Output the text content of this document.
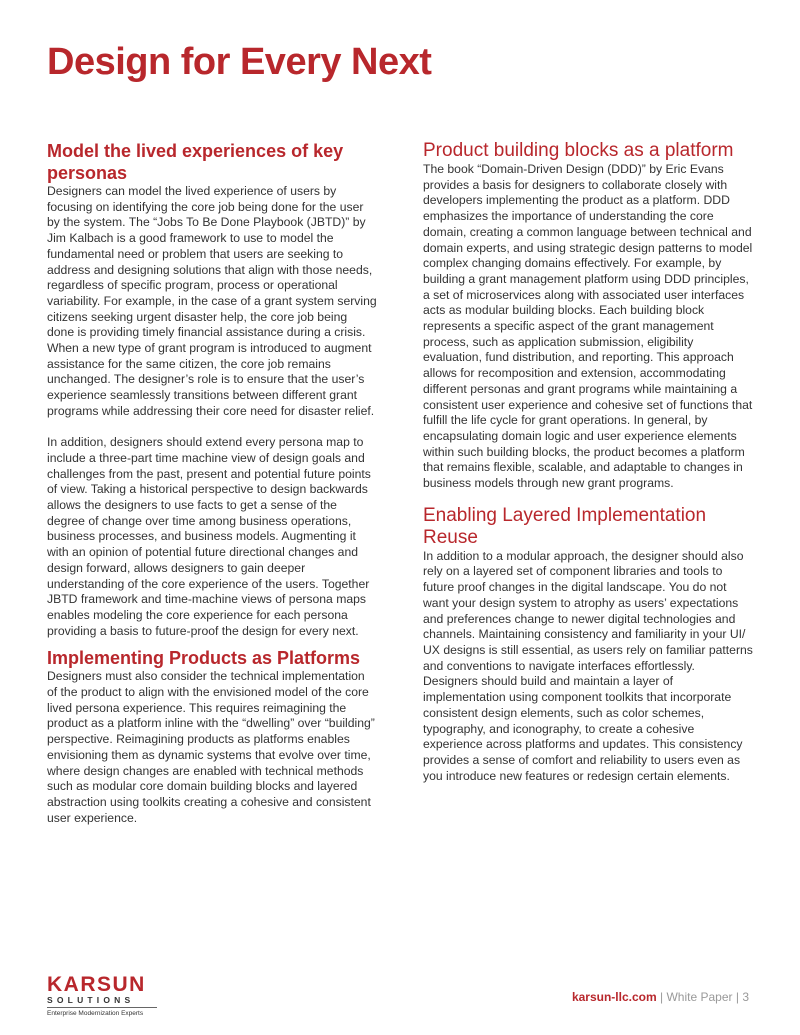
Design for Every Next
Model the lived experiences of key personas

Designers can model the lived experience of users by focusing on identifying the core job being done for the user by the system. The “Jobs To Be Done Playbook (JBTD)” by Jim Kalbach is a good framework to use to model the fundamental need or problem that users are seeking to address and designing solutions that align with those needs, regardless of specific program, process or operational variability. For example, in the case of a grant system serving citizens seeking urgent disaster help, the core job being done is providing timely financial assistance during a crisis. When a new type of grant program is introduced to augment assistance for the same citizen, the core job remains unchanged. The designer’s role is to ensure that the user’s experience seamlessly transitions between different grant programs while addressing their core need for disaster relief.

In addition, designers should extend every persona map to include a three-part time machine view of design goals and challenges from the past, present and potential future points of view. Taking a historical perspective to design backwards allows the designers to use facts to get a sense of the degree of change over time among business operations, business processes, and business models. Augmenting it with an opinion of potential future directional changes and design forward, allows designers to gain deeper understanding of the core experience of the users. Together JBTD framework and time-machine views of persona maps enables modeling the core experience for each persona providing a basis to future-proof the design for every next.

Implementing Products as Platforms

Designers must also consider the technical implementation of the product to align with the envisioned model of the core lived persona experience. This requires reimagining the product as a platform inline with the “dwelling” over “building” perspective. Reimagining products as platforms enables envisioning them as dynamic systems that evolve over time, where design changes are enabled with technical methods such as modular core domain building blocks and layered abstraction using toolkits creating a cohesive and consistent user experience.

Product building blocks as a platform

The book “Domain-Driven Design (DDD)” by Eric Evans provides a basis for designers to collaborate closely with developers implementing the product as a platform. DDD emphasizes the importance of understanding the core domain, creating a common language between technical and domain experts, and using strategic design patterns to model complex changing domains effectively. For example, by building a grant management platform using DDD principles, a set of microservices along with associated user interfaces acts as modular building blocks. Each building block represents a specific aspect of the grant management process, such as application submission, eligibility evaluation, fund distribution, and reporting. This approach allows for recomposition and extension, accommodating different personas and grant programs while maintaining a consistent user experience and cohesive set of functions that fulfill the life cycle for grant operations. In general, by encapsulating domain logic and user experience elements within such building blocks, the product becomes a platform that remains flexible, scalable, and adaptable to changes in business models through new grant programs.

Enabling Layered Implementation Reuse

In addition to a modular approach, the designer should also rely on a layered set of component libraries and tools to future proof changes in the digital landscape. You do not want your design system to atrophy as users’ expectations and preferences change to newer digital technologies and channels. Maintaining consistency and familiarity in your UI/ UX designs is still essential, as users rely on familiar patterns and conventions to navigate interfaces effortlessly. Designers should build and maintain a layer of implementation using component toolkits that incorporate consistent design elements, such as color schemes, typography, and iconography, to create a cohesive experience across platforms and updates. This consistency provides a sense of comfort and reliability to users even as you introduce new features or redesign certain elements.

KARSUN
SOLUTIONS
Enterprise Modernization Experts
karsun-llc.com | White Paper | 3
